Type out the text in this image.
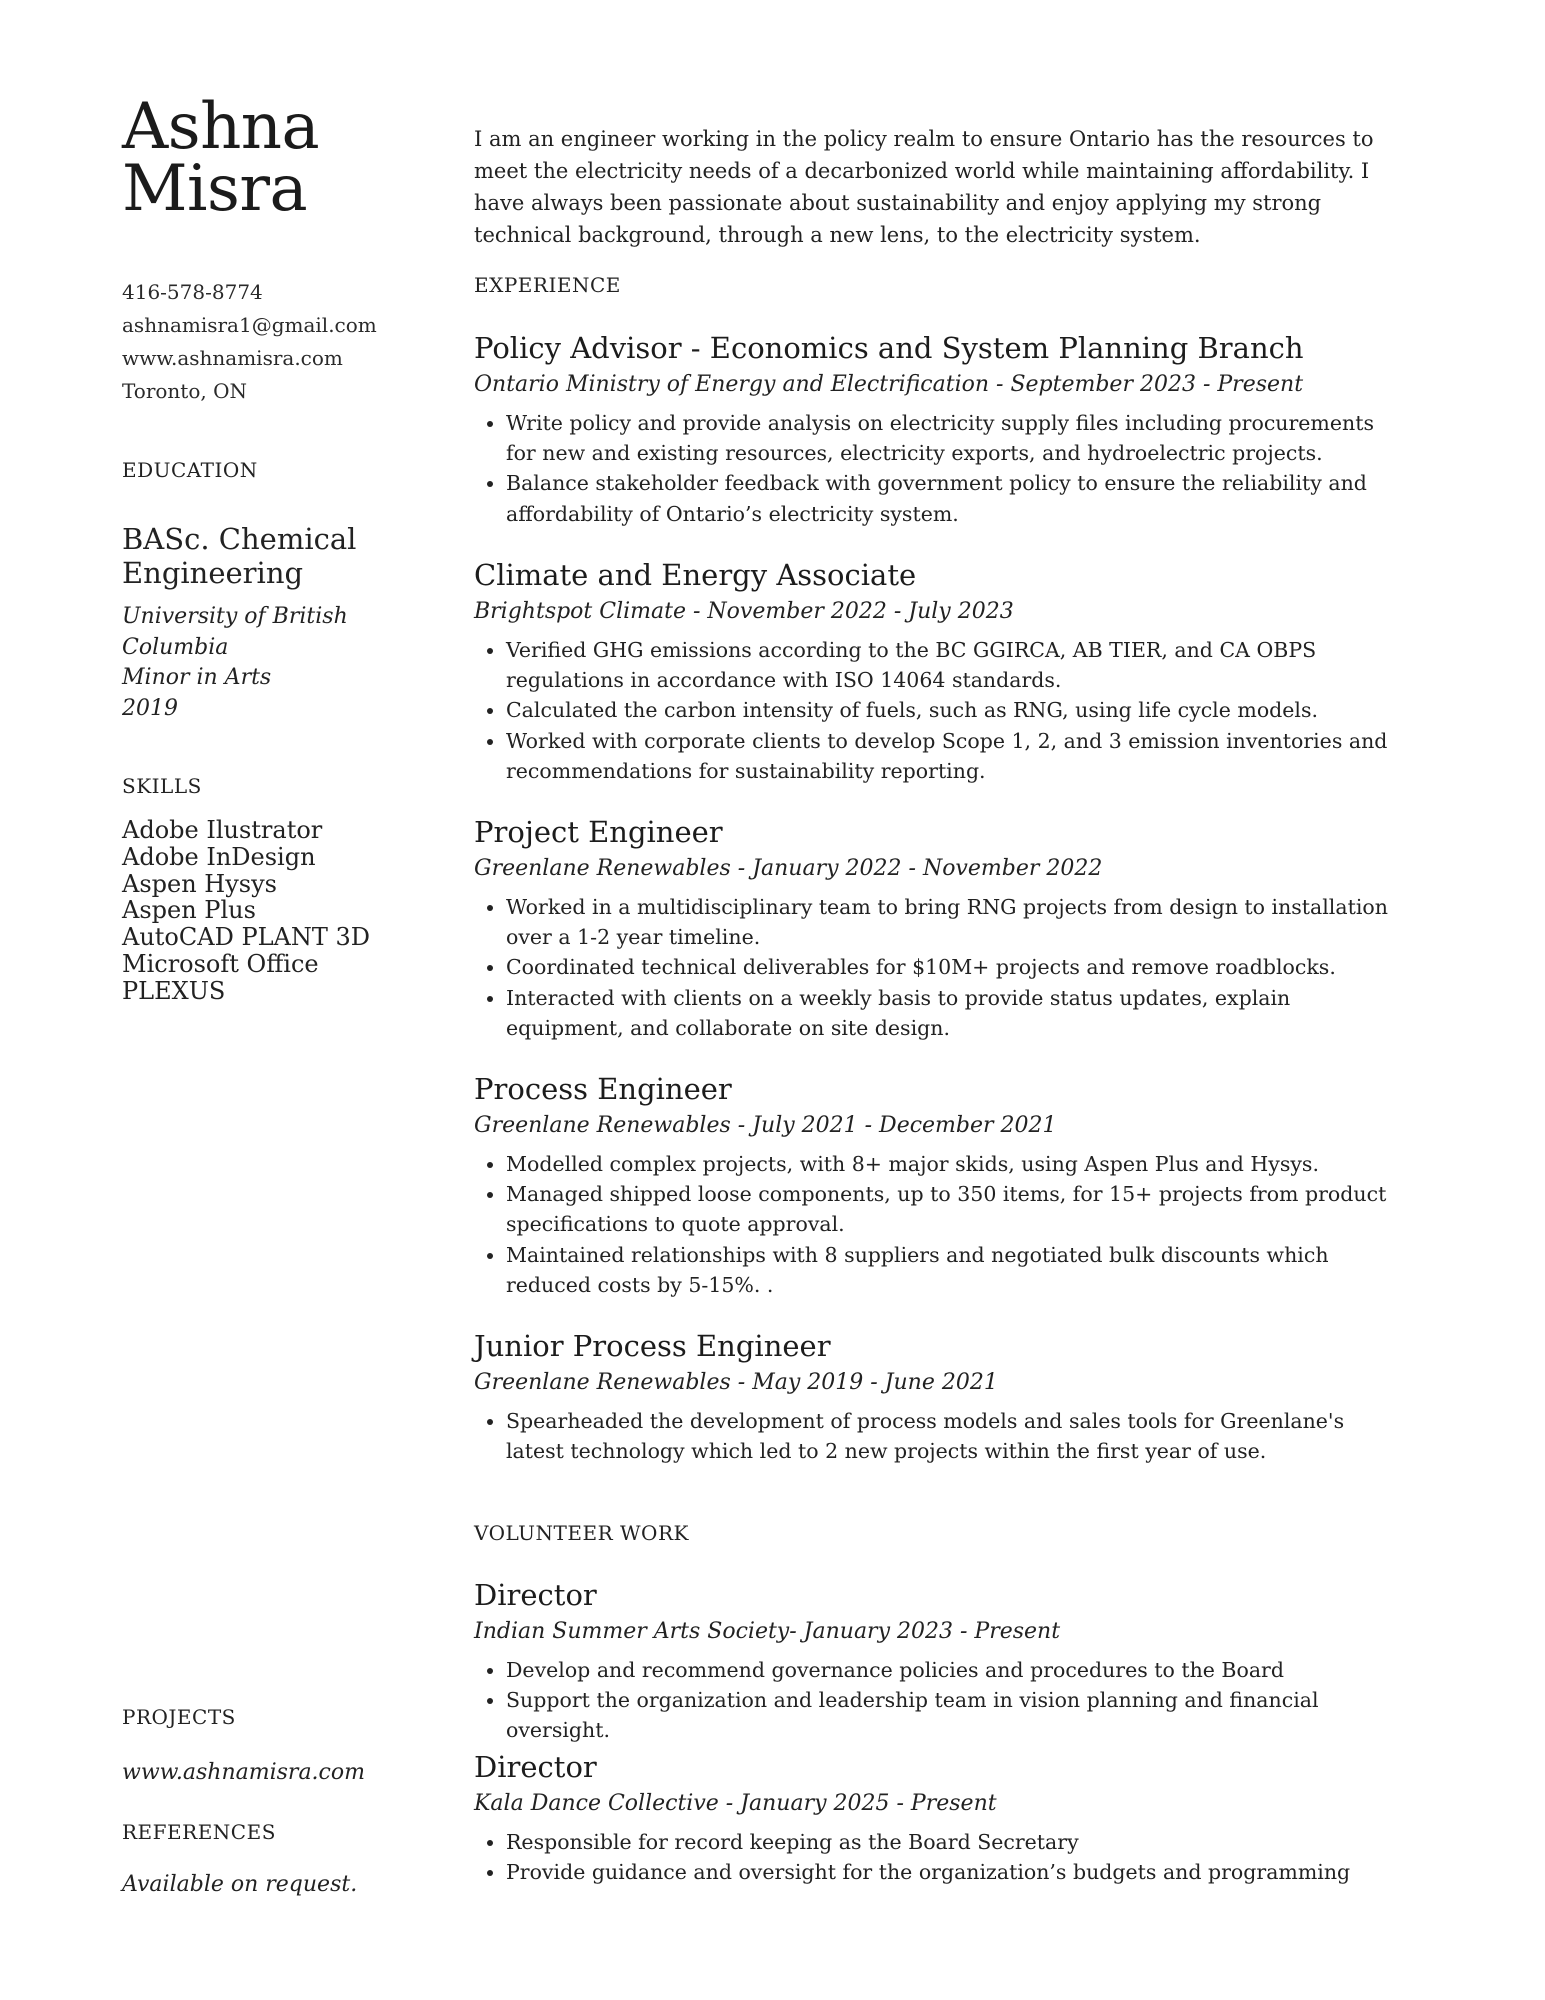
Ashna
Misra
416-578-8774
ashnamisra1@gmail.com
www.ashnamisra.com
Toronto, ON
EDUCATION
BASc. Chemical Engineering
University of British
Columbia
Minor in Arts
2019
SKILLS
Adobe Ilustrator
Adobe InDesign
Aspen Hysys
Aspen Plus
AutoCAD PLANT 3D
Microsoft Office
PLEXUS
PROJECTS
www.ashnamisra.com
REFERENCES
Available on request.
I am an engineer working in the policy realm to ensure Ontario has the resources to meet the electricity needs of a decarbonized world while maintaining affordability. I have always been passionate about sustainability and enjoy applying my strong technical background, through a new lens, to the electricity system.
EXPERIENCE
Policy Advisor - Economics and System Planning Branch
Ontario Ministry of Energy and Electrification - September 2023 - Present
• Write policy and provide analysis on electricity supply files including procurements for new and existing resources, electricity exports, and hydroelectric projects.
• Balance stakeholder feedback with government policy to ensure the reliability and affordability of Ontario’s electricity system.
Climate and Energy Associate
Brightspot Climate - November 2022 - July 2023
• Verified GHG emissions according to the BC GGIRCA, AB TIER, and CA OBPS regulations in accordance with ISO 14064 standards.
• Calculated the carbon intensity of fuels, such as RNG, using life cycle models.
• Worked with corporate clients to develop Scope 1, 2, and 3 emission inventories and recommendations for sustainability reporting.
Project Engineer
Greenlane Renewables - January 2022 - November 2022
• Worked in a multidisciplinary team to bring RNG projects from design to installation over a 1-2 year timeline.
• Coordinated technical deliverables for $10M+ projects and remove roadblocks.
• Interacted with clients on a weekly basis to provide status updates, explain equipment, and collaborate on site design.
Process Engineer
Greenlane Renewables - July 2021 - December 2021
• Modelled complex projects, with 8+ major skids, using Aspen Plus and Hysys.
• Managed shipped loose components, up to 350 items, for 15+ projects from product specifications to quote approval.
• Maintained relationships with 8 suppliers and negotiated bulk discounts which reduced costs by 5-15%. .
Junior Process Engineer
Greenlane Renewables - May 2019 - June 2021
• Spearheaded the development of process models and sales tools for Greenlane's latest technology which led to 2 new projects within the first year of use.
VOLUNTEER WORK
Director
Indian Summer Arts Society- January 2023 - Present
• Develop and recommend governance policies and procedures to the Board
• Support the organization and leadership team in vision planning and financial oversight.
Director
Kala Dance Collective - January 2025 - Present
• Responsible for record keeping as the Board Secretary
• Provide guidance and oversight for the organization’s budgets and programming
